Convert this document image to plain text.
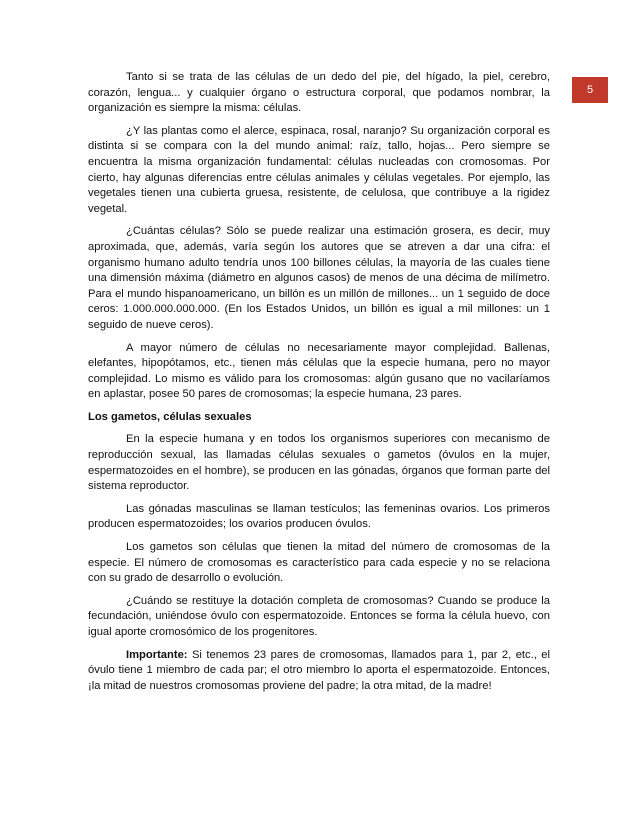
5

Tanto si se trata de las células de un dedo del pie, del hígado, la piel, cerebro, corazón, lengua... y cualquier órgano o estructura corporal, que podamos nombrar, la organización es siempre la misma: células.

¿Y las plantas como el alerce, espinaca, rosal, naranjo? Su organización corporal es distinta si se compara con la del mundo animal: raíz, tallo, hojas... Pero siempre se encuentra la misma organización fundamental: células nucleadas con cromosomas. Por cierto, hay algunas diferencias entre células animales y células vegetales. Por ejemplo, las vegetales tienen una cubierta gruesa, resistente, de celulosa, que contribuye a la rigidez vegetal.

¿Cuántas células? Sólo se puede realizar una estimación grosera, es decir, muy aproximada, que, además, varía según los autores que se atreven a dar una cifra: el organismo humano adulto tendría unos 100 billones células, la mayoría de las cuales tiene una dimensión máxima (diámetro en algunos casos) de menos de una décima de milímetro. Para el mundo hispanoamericano, un billón es un millón de millones... un 1 seguido de doce ceros: 1.000.000.000.000. (En los Estados Unidos, un billón es igual a mil millones: un 1 seguido de nueve ceros).

A mayor número de células no necesariamente mayor complejidad. Ballenas, elefantes, hipopótamos, etc., tienen más células que la especie humana, pero no mayor complejidad. Lo mismo es válido para los cromosomas: algún gusano que no vacilaríamos en aplastar, posee 50 pares de cromosomas; la especie humana, 23 pares.

Los gametos, células sexuales

En la especie humana y en todos los organismos superiores con mecanismo de reproducción sexual, las llamadas células sexuales o gametos (óvulos en la mujer, espermatozoides en el hombre), se producen en las gónadas, órganos que forman parte del sistema reproductor.

Las gónadas masculinas se llaman testículos; las femeninas ovarios. Los primeros producen espermatozoides; los ovarios producen óvulos.

Los gametos son células que tienen la mitad del número de cromosomas de la especie. El número de cromosomas es característico para cada especie y no se relaciona con su grado de desarrollo o evolución.

¿Cuándo se restituye la dotación completa de cromosomas? Cuando se produce la fecundación, uniéndose óvulo con espermatozoide. Entonces se forma la célula huevo, con igual aporte cromosómico de los progenitores.

Importante: Si tenemos 23 pares de cromosomas, llamados para 1, par 2, etc., el óvulo tiene 1 miembro de cada par; el otro miembro lo aporta el espermatozoide. Entonces, ¡la mitad de nuestros cromosomas proviene del padre; la otra mitad, de la madre!
